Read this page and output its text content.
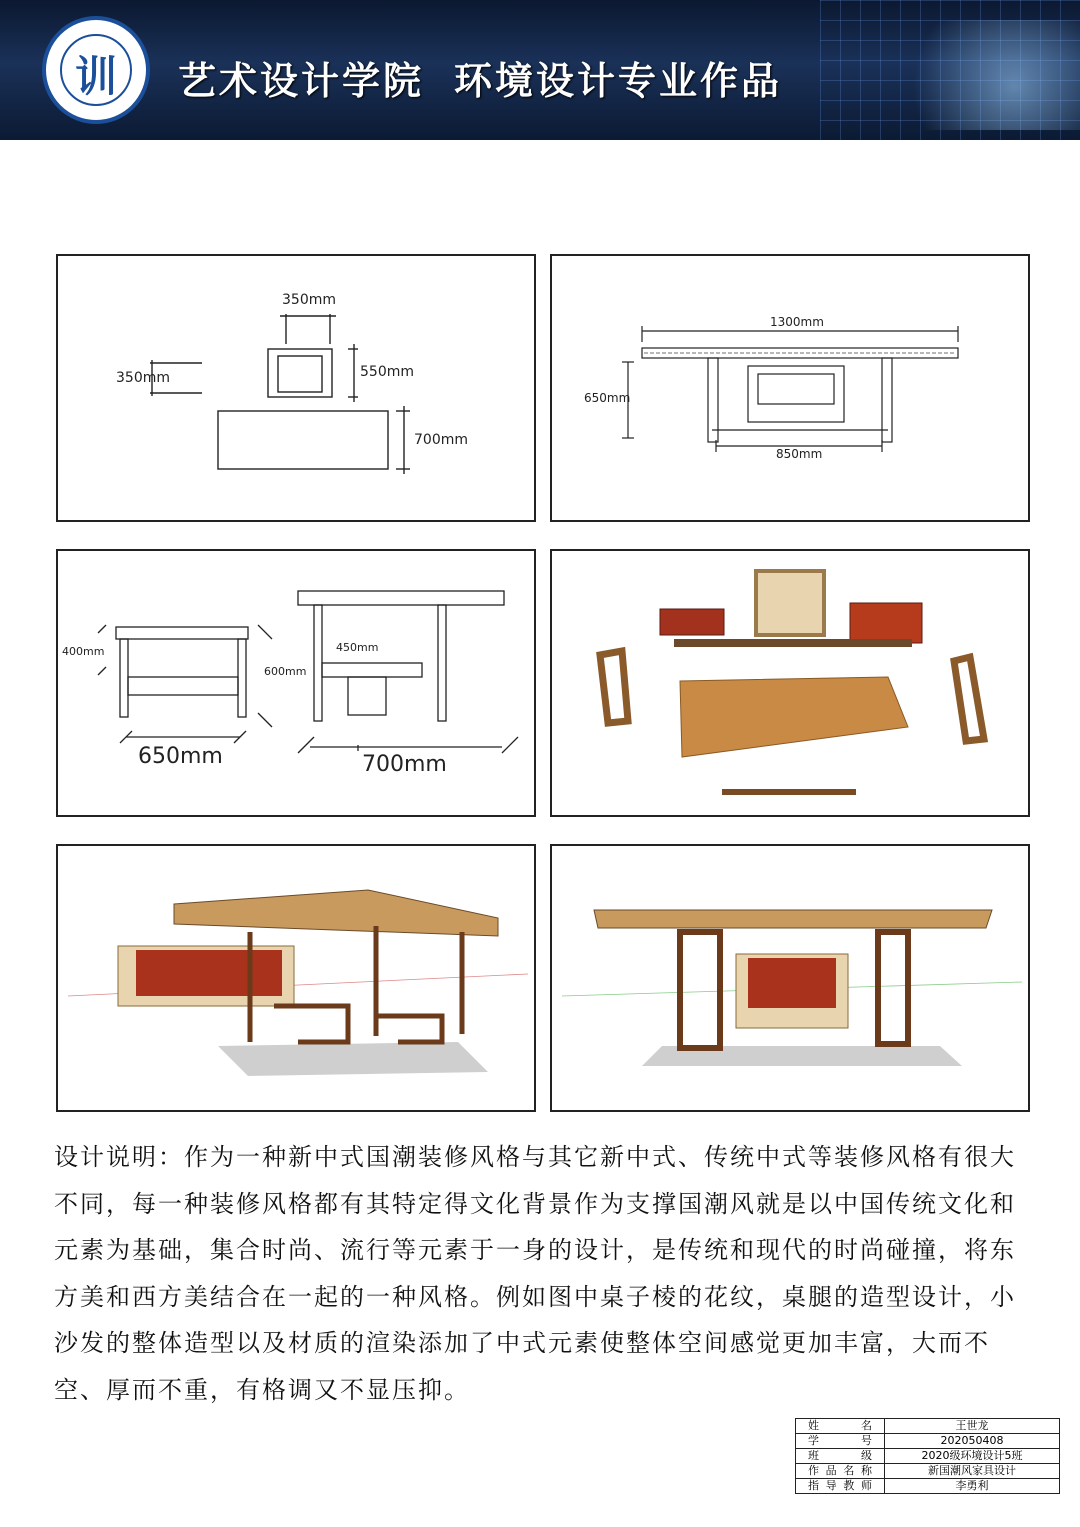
训	艺术设计学院 环境设计专业作品
350mm
350mm	550mm
700mm
1300mm
650mm
850mm
400mm
600mm
650mm
450mm
700mm
设计说明：作为一种新中式国潮装修风格与其它新中式、传统中式等装修风格有很大不同，每一种装修风格都有其特定得文化背景作为支撑国潮风就是以中国传统文化和元素为基础，集合时尚、流行等元素于一身的设计，是传统和现代的时尚碰撞，将东方美和西方美结合在一起的一种风格。例如图中桌子棱的花纹，桌腿的造型设计，小沙发的整体造型以及材质的渲染添加了中式元素使整体空间感觉更加丰富，大而不空、厚而不重，有格调又不显压抑。
姓名	王世龙
学号	202050408
班级	2020级环境设计5班
作品名称	新国潮风家具设计
指导教师	李勇利
